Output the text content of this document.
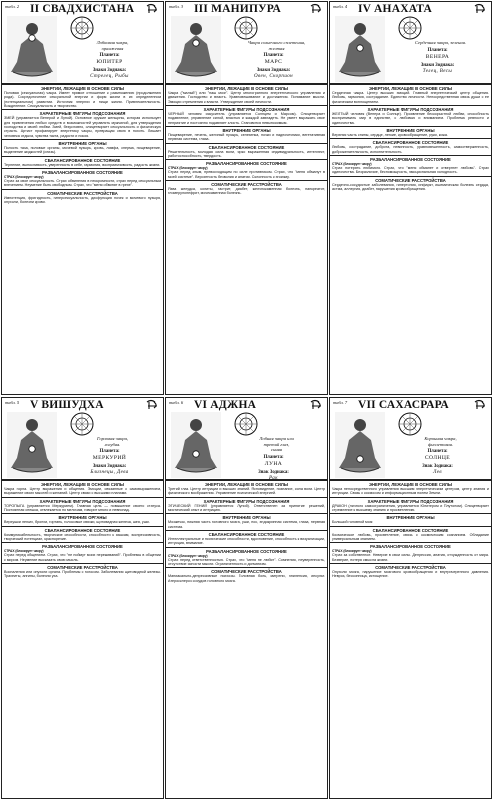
табл. 2 II СВАДХИСТАНА
Лобковая чакра,
оранжевая
Планета:
ЮПИТЕР
Знаки Зодиака:
Стрелец, Рыбы
ЭНЕРГИИ, ЛЕЖАЩИЕ В ОСНОВЕ СИЛЫ
Половая (сексуальная) чакра. Имеет прямое отношение к размножению (продолжению рода). Сосредоточение сексуальной энергии и форм жизни в их определенном (потенциальном) развитии. Источник энергии и пищи жизни. Привлекательность. Вожделение. Сексуальность и творчество.
ХАРАКТЕРНЫЕ ФИГУРЫ ПОДСОЗНАНИЯ
ЗМЕЙ (управляется Венерой и Луной). Основное оружие женщины, которая использует для привлечения любых средств и возможностей управлять мужчиной, для утверждения господства и своей любви. Змей, безусловно, олицетворяет сексуальность и физическую страсть. Артист профанирует энергетику чакры, превращая свою в похоть. Лишает человека отдыха, чувства такта, радости и покоя.
ВНУТРЕННИЕ ОРГАНЫ
Полость таза, половые органы, мочевой пузырь, кровь, лимфа, сперма, пищеварение, выделение жидкостей (слизь).
СБАЛАНСИРОВАННОЕ СОСТОЯНИЕ
Терпение, выносливость, уверенность в себе, гармония, восприимчивость, радость жизни.
РАЗБАЛАНСИРОВАННОЕ СОСТОЯНИЕ
СТРАХ (блокирует чакру)
Страх за свое сексуальность. Страх обвинения в нескромности, страх перед сексуальным влечением. Неумение быть свободным. Страх, что "меня обвинят в грехе".
СОМАТИЧЕСКИЕ РАССТРОЙСТВА
Импотенция, фригидность, гиперсексуальность, дисфункция почек и мочевого пузыря, опухоли, болезни крови.
табл. 3 III МАНИПУРА
Чакра солнечного сплетения,
желтая
Планета:
МАРС
Знаки Зодиака:
Овен, Скорпион
ЭНЕРГИИ, ЛЕЖАЩИЕ В ОСНОВЕ СИЛЫ
Чакра ("малый") или "наш мозг". Центр многогранного энергетического управления и движения. Господство и власть. Уравновешивание и достижения. Понимание мысли. Эмоции стремления к власти. Утверждение своей личности.
ХАРАКТЕРНЫЕ ФИГУРЫ ПОДСОЗНАНИЯ
ЧЕРНЫЙ человек искуситель (управляется Солнцем и Марсом). Олицетворяет подавление, управление силой, властью и жаждой завладеть. Не умеет выражать свое неприятие и постоянно подавляет злость. Становится невыносимым.
ВНУТРЕННИЕ ОРГАНЫ
Пищеварение, печень, желчный пузырь, селезенка, почки и надпочечники, вегетативная нервная система, глаза.
СБАЛАНСИРОВАННОЕ СОСТОЯНИЕ
Решительность, молодая сила воли, ярко выраженная индивидуальность, интеллект, работоспособность, твердость.
РАЗБАЛАНСИРОВАННОЕ СОСТОЯНИЕ
СТРАХ (блокирует чакру)
Страх перед злым, превосходящим по силе противником. Страх, что "меня обманут в моей системе". Вероятность безволия и апатии. Склонность к эгоизму.
СОМАТИЧЕСКИЕ РАССТРОЙСТВА
Язва желудка, колиты, гастрит, диабет, желчнокаменная болезнь, панкреатит, гломерулонефрит, мочекаменная болезнь.
табл. 4 IV АНАХАТА
Сердечная чакра, зеленая.
Планета:
ВЕНЕРА
Знаки Зодиака:
Телец, Весы
ЭНЕРГИИ, ЛЕЖАЩИЕ В ОСНОВЕ СИЛЫ
Сердечная чакра. Центр высших эмоций. Главный энергетический центр общения. Любовь, гармония, сострадание. Единство личности. Непосредственная связь души с ее физическим воплощением.
ХАРАКТЕРНЫЕ ФИГУРЫ ПОДСОЗНАНИЯ
ЖЕЛТЫЙ человек (Венера и Солнце). Проявление бескорыстной любви, способность воспринимать мир в единстве, с любовью и вниманием. Проблема ревности и одиночества.
ВНУТРЕННИЕ ОРГАНЫ
Верхняя часть спины, сердце, легкие, кровообращение, руки, кожа.
СБАЛАНСИРОВАННОЕ СОСТОЯНИЕ
Любовь, сострадание, доброта, невинность, уравновешенность, самоотверженность, доброжелательность, исполнительность.
РАЗБАЛАНСИРОВАННОЕ СОСТОЯНИЕ
СТРАХ (блокирует чакру)
Страх потерять любимого. Страх, что "меня обманет и отвергнет любовь". Страх одиночества. Безразличие, беспомощность, эмоциональная холодность.
СОМАТИЧЕСКИЕ РАССТРОЙСТВА
Сердечно-сосудистые заболевания, гипертония, инфаркт, ишемическая болезнь сердца, астма, аллергия, диабет, нарушения кровообращения.
табл. 5 V ВИШУДХА
Горловая чакра,
голубая.
Планета:
МЕРКУРИЙ
Знаки Зодиака:
Близнецы, Дева
ЭНЕРГИИ, ЛЕЖАЩИЕ В ОСНОВЕ СИЛЫ
Чакра горла. Центр выражения и общения. Эмоции, связанные с самовыражением, выражение своих мыслей и желаний. Центр связи с высшими планами.
ХАРАКТЕРНЫЕ ФИГУРЫ ПОДСОЗНАНИЯ
ТОРОПЫГА (управляется Меркурием). Главная цель — повышение своего статуса. Постоянная спешка, отвлекается по мелочам, говорит много и невпопад.
ВНУТРЕННИЕ ОРГАНЫ
Верхушки легких, бронхи, гортань, голосовые связки, щитовидная железа, шея, уши.
СБАЛАНСИРОВАННОЕ СОСТОЯНИЕ
Коммуникабельность, творческие способности, способности к языкам, экспрессивность, творческий потенциал, красноречие.
РАЗБАЛАНСИРОВАННОЕ СОСТОЯНИЕ
СТРАХ (блокирует чакру)
Страх перед общением. Страх, что "не поймут моих переживаний". Проблемы в общении с миром. Неумение высказать свою мысль.
СОМАТИЧЕСКИЕ РАССТРОЙСТВА
Воспаления или опухоли органа. Проблемы с голосом. Заболевания щитовидной железы. Трахеиты, ангины, болезни уха.
табл. 6 VI АДЖНА
Лобная чакра или
третий глаз,
синяя
Планета:
ЛУНА
Знак Зодиака:
Рак
ЭНЕРГИИ, ЛЕЖАЩИЕ В ОСНОВЕ СИЛЫ
Третий глаз. Центр интуиции и высших знаний. Ясновидение, познание, сила воли. Центр физического воображения. Управление психической энергией.
ХАРАКТЕРНЫЕ ФИГУРЫ ПОДСОЗНАНИЯ
ЭТИЧЕСКИЙ ГЕНИЙ (управляется Луной). Ответственен за принятие решений, мистический опыт и интуицию.
ВНУТРЕННИЕ ОРГАНЫ
Мозжечок, нижняя часть головного мозга, уши, нос, эндокринная система, глаза, нервная система.
СБАЛАНСИРОВАННОЕ СОСТОЯНИЕ
Интеллектуальные и психические способности, вдохновение, способность к визуализации, интуиция, внимание.
РАЗБАЛАНСИРОВАННОЕ СОСТОЯНИЕ
СТРАХ (блокирует чакру)
Страх перед ответственностью. Страх, что "меня не любят". Сомнения, неуверенность, отсутствие ясности мысли. Ограниченность и догматизм.
СОМАТИЧЕСКИЕ РАССТРОЙСТВА
Маниакально-депрессивные психозы. Головная боль, мигрени, эпилепсия, инсульт. Атеросклероз сосудов головного мозга.
табл. 7 VII САХАСРАРА
Коронная чакра,
фиолетовая.
Планета:
СОЛНЦЕ
Знак Зодиака:
Лев
ЭНЕРГИИ, ЛЕЖАЩИЕ В ОСНОВЕ СИЛЫ
Чакра непосредственного управления высшим энергетическим центром, центр знания и интуиции. Связь с космосом и информационным полем Земли.
ХАРАКТЕРНЫЕ ФИГУРЫ ПОДСОЗНАНИЯ
ДРАКОН (личного самоограничения, управляется Юпитером и Плутоном). Олицетворяет стремление к высшему знанию и просветлению.
ВНУТРЕННИЕ ОРГАНЫ
Большой головной мозг.
СБАЛАНСИРОВАННОЕ СОСТОЯНИЕ
Космическое любовь, просветление, связь с космическим сознанием. Обладание универсальным знанием.
РАЗБАЛАНСИРОВАННОЕ СОСТОЯНИЕ
СТРАХ (блокирует чакру)
Страх за собственное. Неверие в свои силы. Депрессия, апатия, отчужденность от мира. Безверие, потеря смысла жизни.
СОМАТИЧЕСКИЕ РАССТРОЙСТВА
Опухоли мозга, нарушение мозгового кровообращения и внутричерепного давления. Невроз, бессонница, истощение.
